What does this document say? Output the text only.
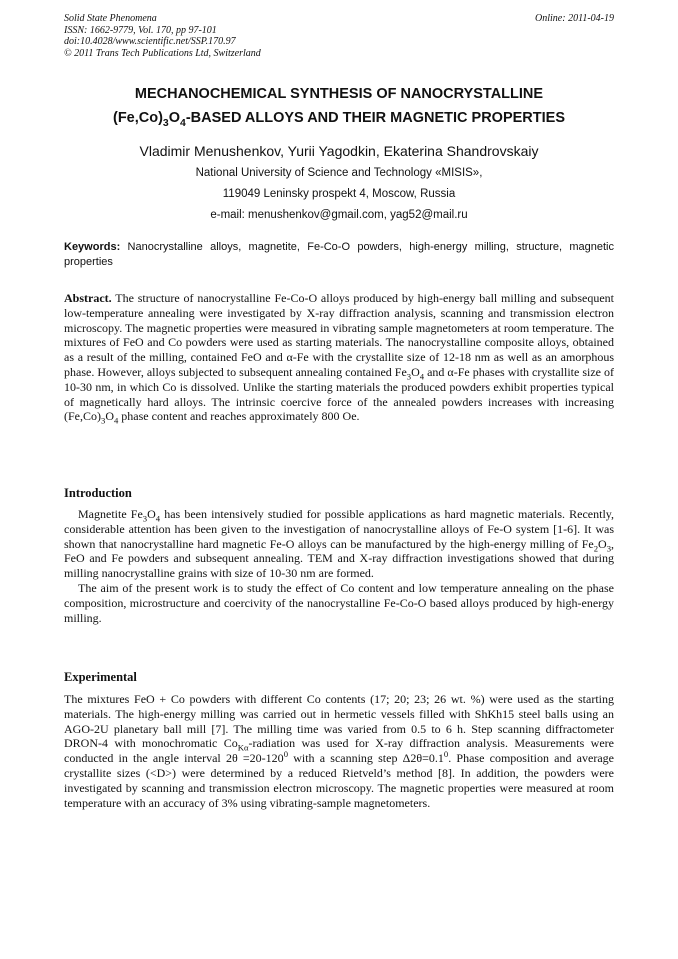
Solid State Phenomena
ISSN: 1662-9779, Vol. 170, pp 97-101
doi:10.4028/www.scientific.net/SSP.170.97
© 2011 Trans Tech Publications Ltd, Switzerland
Online: 2011-04-19
MECHANOCHEMICAL SYNTHESIS OF NANOCRYSTALLINE
$(Fe,Co)_3O_4$-BASED ALLOYS AND THEIR MAGNETIC PROPERTIES
Vladimir Menushenkov, Yurii Yagodkin, Ekaterina Shandrovskaiy
National University of Science and Technology «MISIS»,
119049 Leninsky prospekt 4, Moscow, Russia
e-mail: menushenkov@gmail.com, yag52@mail.ru
Keywords: Nanocrystalline alloys, magnetite, Fe-Co-O powders, high-energy milling, structure, magnetic properties
Abstract. The structure of nanocrystalline Fe-Co-O alloys produced by high-energy ball milling and subsequent low-temperature annealing were investigated by X-ray diffraction analysis, scanning and transmission electron microscopy. The magnetic properties were measured in vibrating sample magnetometers at room temperature. The mixtures of FeO and Co powders were used as starting materials. The nanocrystalline composite alloys, obtained as a result of the milling, contained FeO and α-Fe with the crystallite size of 12-18 nm as well as an amorphous phase. However, alloys subjected to subsequent annealing contained $Fe_3O_4$ and α-Fe phases with crystallite size of 10-30 nm, in which Co is dissolved. Unlike the starting materials the produced powders exhibit properties typical of magnetically hard alloys. The intrinsic coercive force of the annealed powders increases with increasing $(Fe,Co)_3O_4$ phase content and reaches approximately 800 Oe.
Introduction

Magnetite $Fe_3O_4$ has been intensively studied for possible applications as hard magnetic materials. Recently, considerable attention has been given to the investigation of nanocrystalline alloys of Fe-O system [1-6]. It was shown that nanocrystalline hard magnetic Fe-O alloys can be manufactured by the high-energy milling of $Fe_2O_3$, FeO and Fe powders and subsequent annealing. TEM and X-ray diffraction investigations showed that during milling nanocrystalline grains with size of 10-30 nm are formed.

The aim of the present work is to study the effect of Co content and low temperature annealing on the phase composition, microstructure and coercivity of the nanocrystalline Fe-Co-O based alloys produced by high-energy milling.

Experimental
The mixtures FeO + Co powders with different Co contents (17; 20; 23; 26 wt. %) were used as the starting materials. The high-energy milling was carried out in hermetic vessels filled with ShKh15 steel balls using an AGO-2U planetary ball mill [7]. The milling time was varied from 0.5 to 6 h. Step scanning diffractometer DRON-4 with monochromatic $Co_{K\alpha}$-radiation was used for X-ray diffraction analysis. Measurements were conducted in the angle interval $2\theta =20-120^0$ with a scanning step $\Delta 2\theta=0.1^0$. Phase composition and average crystallite sizes (<D>) were determined by a reduced Rietveld’s method [8]. In addition, the powders were investigated by scanning and transmission electron microscopy. The magnetic properties were measured at room temperature with an accuracy of 3% using vibrating-sample magnetometers.
